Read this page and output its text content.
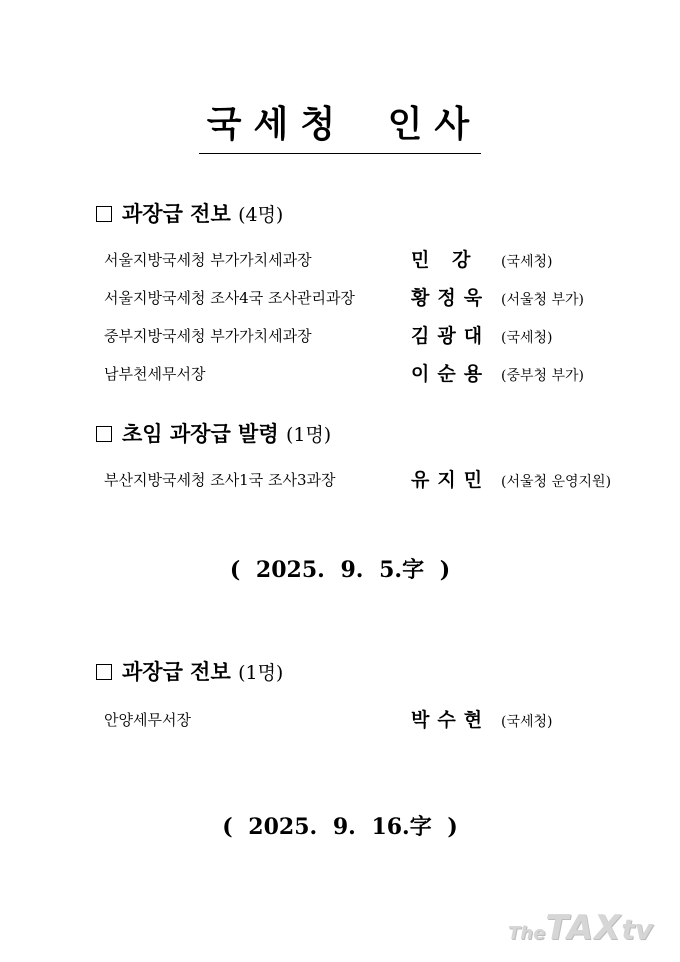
국세청 인사
과장급 전보 (4명)
서울지방국세청 부가가치세과장	민 강 (국세청)
서울지방국세청 조사4국 조사관리과장	황정욱 (서울청 부가)
중부지방국세청 부가가치세과장	김광대 (국세청)
남부천세무서장	이순용 (중부청 부가)
초임 과장급 발령 (1명)
부산지방국세청 조사1국 조사3과장	유지민 (서울청 운영지원)
( 2025. 9. 5.字 )
과장급 전보 (1명)
안양세무서장	박수현 (국세청)
( 2025. 9. 16.字 )
TheTAXtv
